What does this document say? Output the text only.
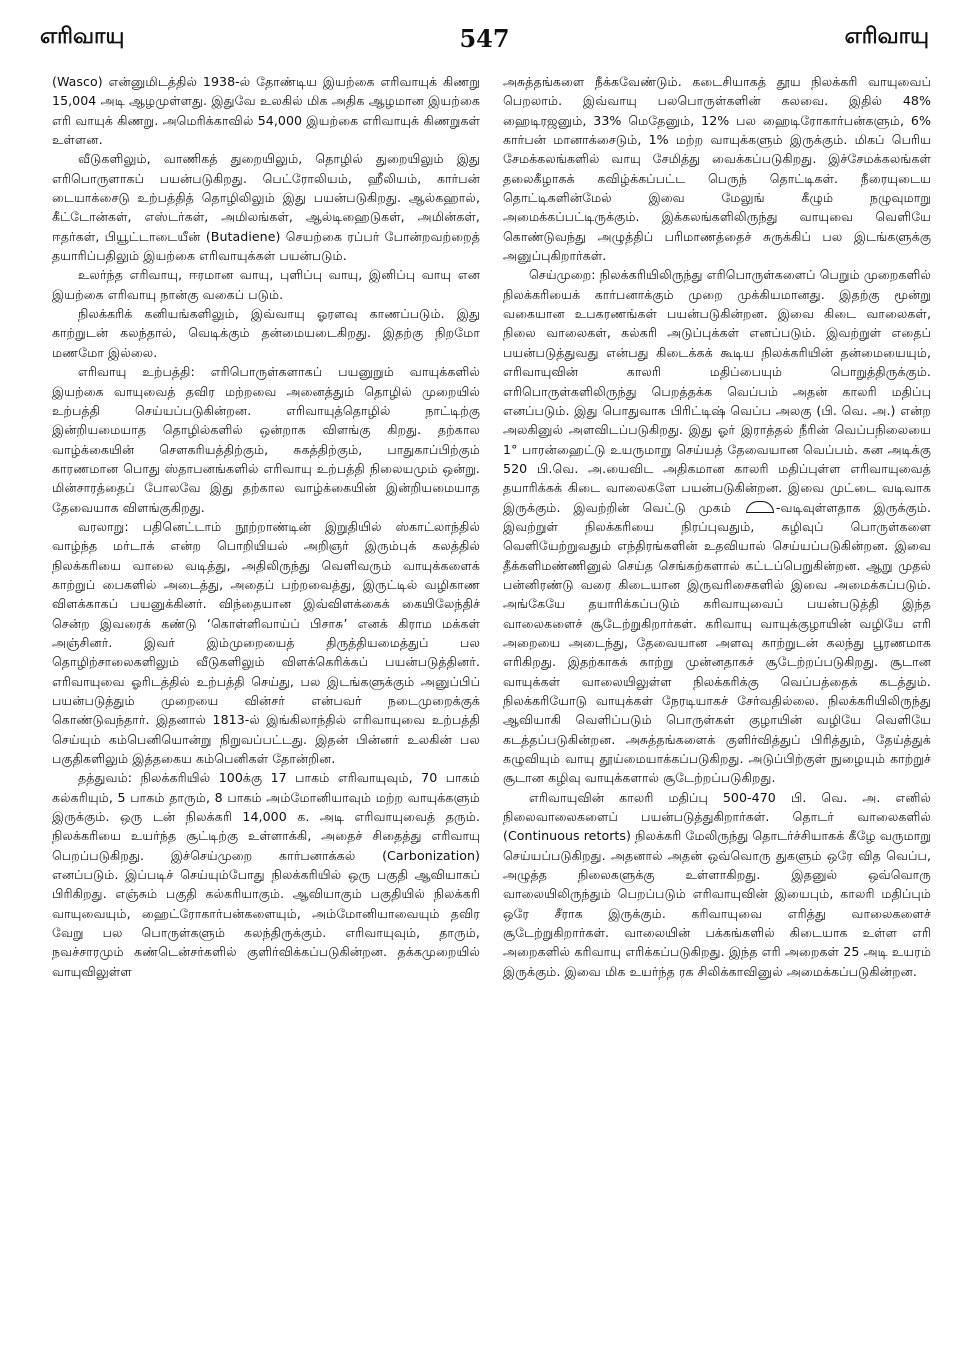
எரிவாயு	547	எரிவாயு

(Wasco) என்னுமிடத்தில் 1938-ல் தோண்டிய இயற்கை எரிவாயுக் கிணறு 15,004 அடி ஆழமுள்ளது. இதுவே உலகில் மிக அதிக ஆழமான இயற்கை எரி வாயுக் கிணறு. அமெரிக்காவில் 54,000 இயற்கை எரிவாயுக் கிணறுகள் உள்ளன.

வீடுகளிலும், வாணிகத் துறையிலும், தொழில் துறையிலும் இது எரிபொருளாகப் பயன்படுகிறது. பெட்ரோலியம், ஹீலியம், கார்பன் டையாக்சைடு உற்பத்தித் தொழிலிலும் இது பயன்படுகிறது. ஆல்கஹால், கீட்டோன்கள், எஸ்டர்கள், அமிலங்கள், ஆல்டிஹைடுகள், அமின்கள், ஈதர்கள், பியூட்டாடையீன் (Butadiene) செயற்கை ரப்பர் போன்றவற்றைத் தயாரிப்பதிலும் இயற்கை எரிவாயுக்கள் பயன்படும்.

உலர்ந்த எரிவாயு, ஈரமான வாயு, புளிப்பு வாயு, இனிப்பு வாயு என இயற்கை எரிவாயு நான்கு வகைப் படும்.

நிலக்கரிக் கனியங்களிலும், இவ்வாயு ஓரளவு காணப்படும். இது காற்றுடன் கலந்தால், வெடிக்கும் தன்மையடைகிறது. இதற்கு நிறமோ மணமோ இல்லை.

எரிவாயு உற்பத்தி: எரிபொருள்களாகப் பயனுறும் வாயுக்களில் இயற்கை வாயுவைத் தவிர மற்றவை அனைத்தும் தொழில் முறையில் உற்பத்தி செய்யப்படுகின்றன. எரிவாயுத்தொழில் நாட்டிற்கு இன்றியமையாத தொழில்களில் ஒன்றாக விளங்கு கிறது. தற்கால வாழ்க்கையின் சௌகரியத்திற்கும், சுகத்திற்கும், பாதுகாப்பிற்கும் காரணமான பொது ஸ்தாபனங்களில் எரிவாயு உற்பத்தி நிலையமும் ஒன்று. மின்சாரத்தைப் போலவே இது தற்கால வாழ்க்கையின் இன்றியமையாத தேவையாக விளங்குகிறது.

வரலாறு: பதினெட்டாம் நூற்றாண்டின் இறுதியில் ஸ்காட்லாந்தில் வாழ்ந்த மர்டாக் என்ற பொறியியல் அறிஞர் இரும்புக் கலத்தில் நிலக்கரியை வாலை வடித்து, அதிலிருந்து வெளிவரும் வாயுக்களைக் காற்றுப் பைகளில் அடைத்து, அதைப் பற்றவைத்து, இருட்டில் வழிகாண விளக்காகப் பயனுக்கினர். விந்தையான இவ்விளக்கைக் கையிலேந்திச் சென்ற இவரைக் கண்டு ‘கொள்ளிவாய்ப் பிசாசு’ எனக் கிராம மக்கள் அஞ்சினர். இவர் இம்முறையைத் திருத்தியமைத்துப் பல தொழிற்சாலைகளிலும் வீடுகளிலும் விளக்கெரிக்கப் பயன்படுத்தினர். எரிவாயுவை ஓரிடத்தில் உற்பத்தி செய்து, பல இடங்களுக்கும் அனுப்பிப் பயன்படுத்தும் முறையை வின்சர் என்பவர் நடைமுறைக்குக் கொண்டுவந்தார். இதனால் 1813-ல் இங்கிலாந்தில் எரிவாயுவை உற்பத்தி செய்யும் கம்பெனியொன்று நிறுவப்பட்டது. இதன் பின்னர் உலகின் பல பகுதிகளிலும் இத்தகைய கம்பெனிகள் தோன்றின.

தத்துவம்: நிலக்கரியில் 100க்கு 17 பாகம் எரிவாயுவும், 70 பாகம் கல்கரியும், 5 பாகம் தாரும், 8 பாகம் அம்மோனியாவும் மற்ற வாயுக்களும் இருக்கும். ஒரு டன் நிலக்கரி 14,000 க. அடி எரிவாயுவைத் தரும். நிலக்கரியை உயர்ந்த சூட்டிற்கு உள்ளாக்கி, அதைச் சிதைத்து எரிவாயு பெறப்படுகிறது. இச்செய்முறை கார்பனாக்கல் (Carbonization) எனப்படும். இப்படிச் செய்யும்போது நிலக்கரியில் ஒரு பகுதி ஆவியாகப் பிரிகிறது. எஞ்சும் பகுதி கல்கரியாகும். ஆவியாகும் பகுதியில் நிலக்கரி வாயுவையும், ஹைட்ரோகார்பன்களையும், அம்மோனியாவையும் தவிர வேறு பல பொருள்களும் கலந்திருக்கும். எரிவாயுவும், தாரும், நவச்சாரமும் கண்டென்சர்களில் குளிர்விக்கப்படுகின்றன. தக்கமுறையில் வாயுவிலுள்ள

அசுத்தங்களை நீக்கவேண்டும். கடைசியாகத் தூய நிலக்கரி வாயுவைப் பெறலாம். இவ்வாயு பலபொருள்களின் கலவை. இதில் 48% ஹைடிரஜனும், 33% மெதேனும், 12% பல ஹைடிரோகார்பன்களும், 6% கார்பன் மானாக்சைடும், 1% மற்ற வாயுக்களும் இருக்கும். மிகப் பெரிய சேமக்கலங்களில் வாயு சேமித்து வைக்கப்படுகிறது. இச்சேமக்கலங்கள் தலைகீழாகக் கவிழ்க்கப்பட்ட பெருந் தொட்டிகள். நீரையுடைய தொட்டிகளின்மேல் இவை மேலுங் கீழும் நழுவுமாறு அமைக்கப்பட்டிருக்கும். இக்கலங்களிலிருந்து வாயுவை வெளியே கொண்டுவந்து அழுத்திப் பரிமாணத்தைச் சுருக்கிப் பல இடங்களுக்கு அனுப்புகிறார்கள்.

செய்முறை: நிலக்கரியிலிருந்து எரிபொருள்களைப் பெறும் முறைகளில் நிலக்கரியைக் கார்பனாக்கும் முறை முக்கியமானது. இதற்கு மூன்று வகையான உபகரணங்கள் பயன்படுகின்றன. இவை கிடை வாலைகள், நிலை வாலைகள், கல்கரி அடுப்புக்கள் எனப்படும். இவற்றுள் எதைப் பயன்படுத்துவது என்பது கிடைக்கக் கூடிய நிலக்கரியின் தன்மையையும், எரிவாயுவின் காலரி மதிப்பையும் பொறுத்திருக்கும். எரிபொருள்களிலிருந்து பெறத்தக்க வெப்பம் அதன் காலரி மதிப்பு எனப்படும். இது பொதுவாக பிரிட்டிஷ் வெப்ப அலகு (பி. வெ. அ.) என்ற அலகினுல் அளவிடப்படுகிறது. இது ஓர் இராத்தல் நீரின் வெப்பநிலையை 1° பாரன்ஹைட்டு உயருமாறு செய்யத் தேவையான வெப்பம். கன அடிக்கு 520 பி.வெ. அ.யைவிட அதிகமான காலரி மதிப்புள்ள எரிவாயுவைத் தயாரிக்கக் கிடை வாலைகளே பயன்படுகின்றன. இவை முட்டை வடிவாக இருக்கும். இவற்றின் வெட்டு முகம்	-வடிவுள்ளதாக இருக்கும். இவற்றுள் நிலக்கரியை நிரப்புவதும், கழிவுப் பொருள்களை வெளியேற்றுவதும் எந்திரங்களின் உதவியால் செய்யப்படுகின்றன. இவை தீக்களிமண்ணினுல் செய்த செங்கற்களால் கட்டப்பெறுகின்றன. ஆறு முதல் பன்னிரண்டு வரை கிடையான இருவரிசைகளில் இவை அமைக்கப்படும். அங்கேயே தயாரிக்கப்படும் கரிவாயுவைப் பயன்படுத்தி இந்த வாலைகளைச் சூடேற்றுகிறார்கள். கரிவாயு வாயுக்குழாயின் வழியே எரி அறையை அடைந்து, தேவையான அளவு காற்றுடன் கலந்து பூரணமாக எரிகிறது. இதற்காகக் காற்று முன்னதாகச் சூடேற்றப்படுகிறது. சூடான வாயுக்கள் வாலையிலுள்ள நிலக்கரிக்கு வெப்பத்தைக் கடத்தும். நிலக்கரியோடு வாயுக்கள் நேரடியாகச் சேர்வதில்லை. நிலக்கரியிலிருந்து ஆவியாகி வெளிப்படும் பொருள்கள் குழாயின் வழியே வெளியே கடத்தப்படுகின்றன. அசுத்தங்களைக் குளிர்வித்துப் பிரித்தும், தேய்த்துக் கழுவியும் வாயு தூய்மையாக்கப்படுகிறது. அடுப்பிற்குள் நுழையும் காற்றுச் சூடான கழிவு வாயுக்களால் சூடேற்றப்படுகிறது.

எரிவாயுவின் காலரி மதிப்பு 500-470 பி. வெ. அ. எனில் நிலைவாலைகளைப் பயன்படுத்துகிறார்கள். தொடர் வாலைகளில் (Continuous retorts) நிலக்கரி மேலிருந்து தொடர்ச்சியாகக் கீழே வருமாறு செய்யப்படுகிறது. அதனால் அதன் ஒவ்வொரு துகளும் ஒரே வித வெப்ப, அழுத்த நிலைகளுக்கு உள்ளாகிறது. இதனுல் ஒவ்வொரு வாலையிலிருந்தும் பெறப்படும் எரிவாயுவின் இயைபும், காலரி மதிப்பும் ஒரே சீராக இருக்கும். கரிவாயுவை எரித்து வாலைகளைச் சூடேற்றுகிறார்கள். வாலையின் பக்கங்களில் கிடையாக உள்ள எரி அறைகளில் கரிவாயு எரிக்கப்படுகிறது. இந்த எரி அறைகள் 25 அடி உயரம் இருக்கும். இவை மிக உயர்ந்த ரக சிலிக்காவினுல் அமைக்கப்படுகின்றன.
